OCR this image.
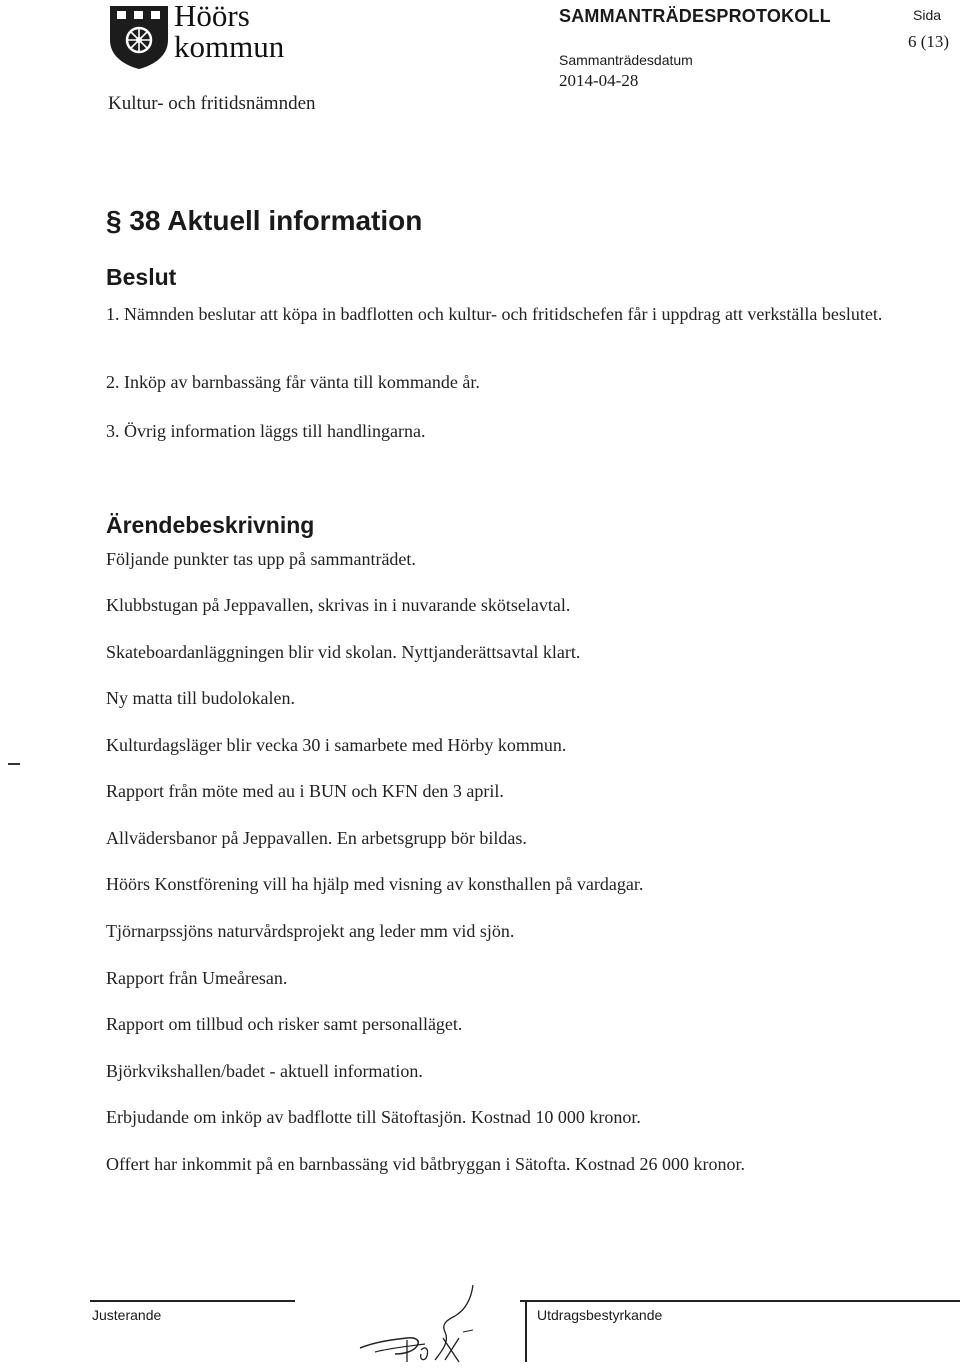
Höörs
kommun
Kultur- och fritidsnämnden
SAMMANTRÄDESPROTOKOLL
Sammanträdesdatum
2014-04-28
Sida
6 (13)
§ 38 Aktuell information
Beslut
1. Nämnden beslutar att köpa in badflotten och kultur- och fritidschefen får i uppdrag att verkställa beslutet.
2. Inköp av barnbassäng får vänta till kommande år.
3. Övrig information läggs till handlingarna.
Ärendebeskrivning
Följande punkter tas upp på sammanträdet.
Klubbstugan på Jeppavallen, skrivas in i nuvarande skötselavtal.
Skateboardanläggningen blir vid skolan. Nyttjanderättsavtal klart.
Ny matta till budolokalen.
Kulturdagsläger blir vecka 30 i samarbete med Hörby kommun.
Rapport från möte med au i BUN och KFN den 3 april.
Allvädersbanor på Jeppavallen. En arbetsgrupp bör bildas.
Höörs Konstförening vill ha hjälp med visning av konsthallen på vardagar.
Tjörnarpssjöns naturvårdsprojekt ang leder mm vid sjön.
Rapport från Umeåresan.
Rapport om tillbud och risker samt personalläget.
Björkvikshallen/badet - aktuell information.
Erbjudande om inköp av badflotte till Sätoftasjön. Kostnad 10 000 kronor.
Offert har inkommit på en barnbassäng vid båtbryggan i Sätofta. Kostnad 26 000 kronor.
Justerande	Utdragsbestyrkande
